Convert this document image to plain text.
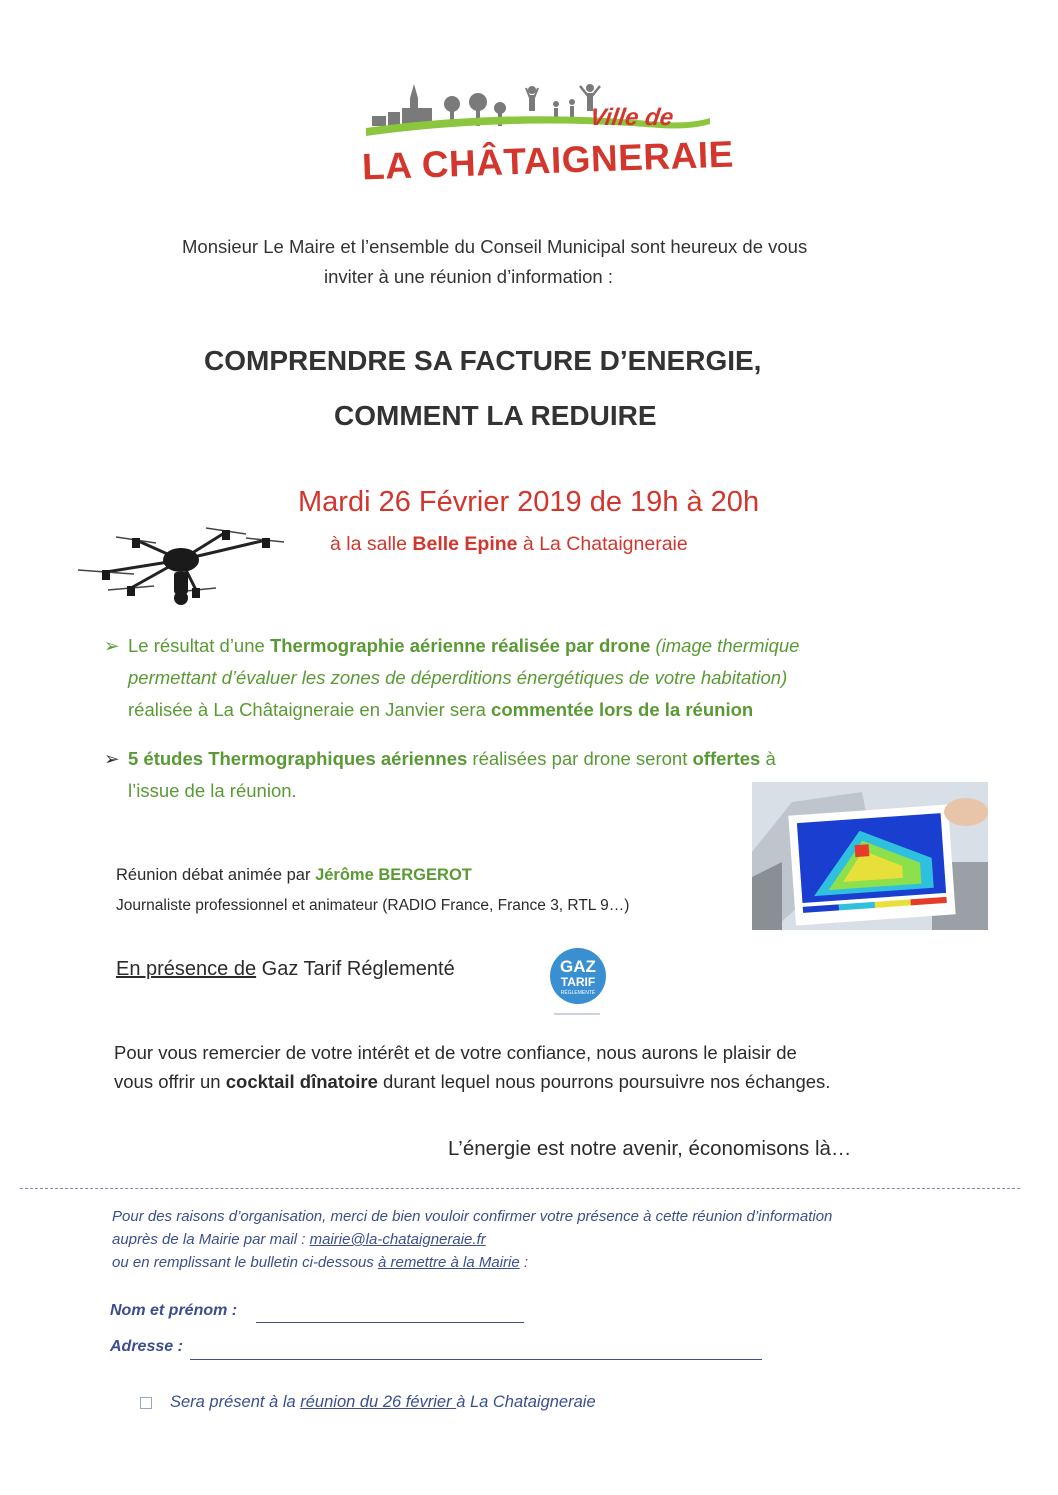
Ville de
LA CHÂTAIGNERAIE
Monsieur Le Maire et l’ensemble du Conseil Municipal sont heureux de vous
inviter à une réunion d’information :
COMPRENDRE SA FACTURE D’ENERGIE,
COMMENT LA REDUIRE
Mardi 26 Février 2019 de 19h à 20h
à la salle Belle Epine à La Chataigneraie
➢ Le résultat d’une Thermographie aérienne réalisée par drone (image thermique
permettant d’évaluer les zones de déperditions énergétiques de votre habitation)
réalisée à La Châtaigneraie en Janvier sera commentée lors de la réunion
➢ 5 études Thermographiques aériennes réalisées par drone seront offertes à
l’issue de la réunion.
Réunion débat animée par Jérôme BERGEROT
Journaliste professionnel et animateur (RADIO France, France 3, RTL 9…)
En présence de Gaz Tarif Réglementé	GAZ
TARIF
RÉGLEMENTÉ
Pour vous remercier de votre intérêt et de votre confiance, nous aurons le plaisir de
vous offrir un cocktail dînatoire durant lequel nous pourrons poursuivre nos échanges.
L’énergie est notre avenir, économisons là…
Pour des raisons d’organisation, merci de bien vouloir confirmer votre présence à cette réunion d’information
auprès de la Mairie par mail : mairie@la-chataigneraie.fr
ou en remplissant le bulletin ci-dessous à remettre à la Mairie :
Nom et prénom :
Adresse :
Sera présent à la réunion du 26 février à La Chataigneraie
